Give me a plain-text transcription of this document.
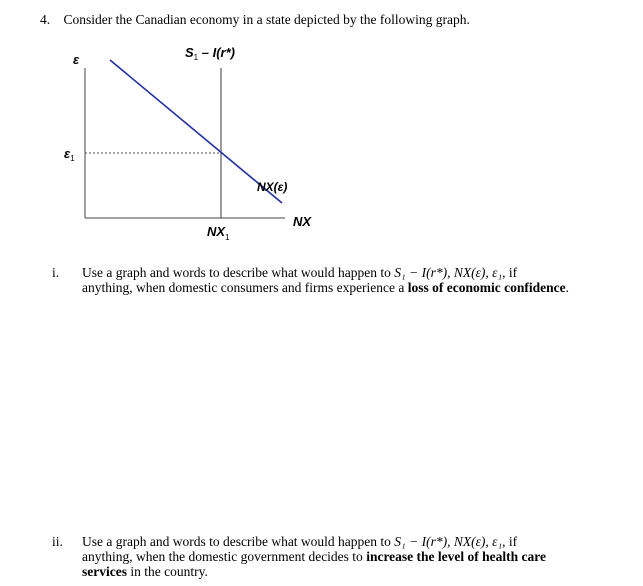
4. Consider the Canadian economy in a state depicted by the following graph.
ε
$\varepsilon_1$
$S_1 - I(r*)$
NX(ε)
$NX_1$
NX
i.	Use a graph and words to describe what would happen to S₁ − I(r*), NX(ε), ε₁, if
anything, when domestic consumers and firms experience a loss of economic confidence.
ii.	Use a graph and words to describe what would happen to S₁ − I(r*), NX(ε), ε₁, if
anything, when the domestic government decides to increase the level of health care
services in the country.
